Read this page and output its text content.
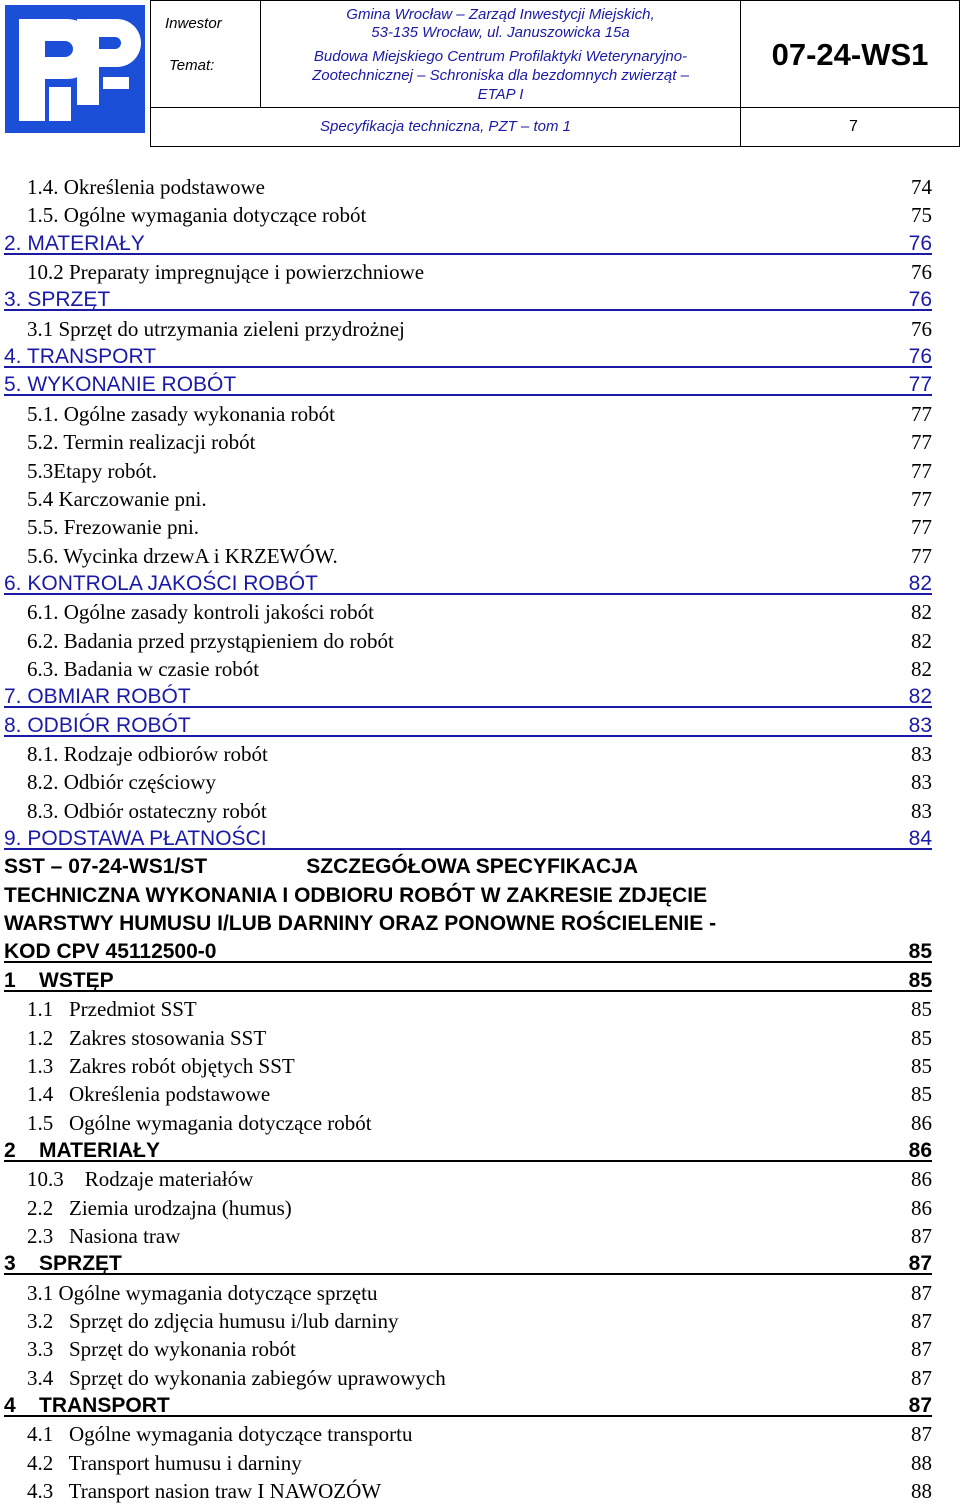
Inwestor
Temat:
Gmina Wrocław – Zarząd Inwestycji Miejskich,
53-135 Wrocław, ul. Januszowicka 15a
Budowa Miejskiego Centrum Profilaktyki Weterynaryjno-
Zootechnicznej – Schroniska dla bezdomnych zwierząt –
ETAP I
07-24-WS1
Specyfikacja techniczna, PZT – tom 1	7
1.4. Określenia podstawowe	74
1.5. Ogólne wymagania dotyczące robót	75
2. MATERIAŁY	76
10.2 Preparaty impregnujące i powierzchniowe	76
3. SPRZĘT	76
3.1 Sprzęt do utrzymania zieleni przydrożnej	76
4. TRANSPORT	76
5. WYKONANIE ROBÓT	77
5.1. Ogólne zasady wykonania robót	77
5.2. Termin realizacji robót	77
5.3Etapy robót.	77
5.4 Karczowanie pni.	77
5.5. Frezowanie pni.	77
5.6. Wycinka drzewA i KRZEWÓW.	77
6. KONTROLA JAKOŚCI ROBÓT	82
6.1. Ogólne zasady kontroli jakości robót	82
6.2. Badania przed przystąpieniem do robót	82
6.3. Badania w czasie robót	82
7. OBMIAR ROBÓT	82
8. ODBIÓR ROBÓT	83
8.1. Rodzaje odbiorów robót	83
8.2. Odbiór częściowy	83
8.3. Odbiór ostateczny robót	83
9. PODSTAWA PŁATNOŚCI	84
SST – 07-24-WS1/ST                 SZCZEGÓŁOWA SPECYFIKACJA
TECHNICZNA WYKONANIA I ODBIORU ROBÓT W ZAKRESIE ZDJĘCIE
WARSTWY HUMUSU I/LUB DARNINY ORAZ PONOWNE ROŚCIELENIE -
KOD CPV 45112500-0	85
1    WSTĘP	85
1.1   Przedmiot SST	85
1.2   Zakres stosowania SST	85
1.3   Zakres robót objętych SST	85
1.4   Określenia podstawowe	85
1.5   Ogólne wymagania dotyczące robót	86
2    MATERIAŁY	86
10.3    Rodzaje materiałów	86
2.2   Ziemia urodzajna (humus)	86
2.3   Nasiona traw	87
3    SPRZĘT	87
3.1 Ogólne wymagania dotyczące sprzętu	87
3.2   Sprzęt do zdjęcia humusu i/lub darniny	87
3.3   Sprzęt do wykonania robót	87
3.4   Sprzęt do wykonania zabiegów uprawowych	87
4    TRANSPORT	87
4.1   Ogólne wymagania dotyczące transportu	87
4.2   Transport humusu i darniny	88
4.3   Transport nasion traw I NAWOZÓW	88
